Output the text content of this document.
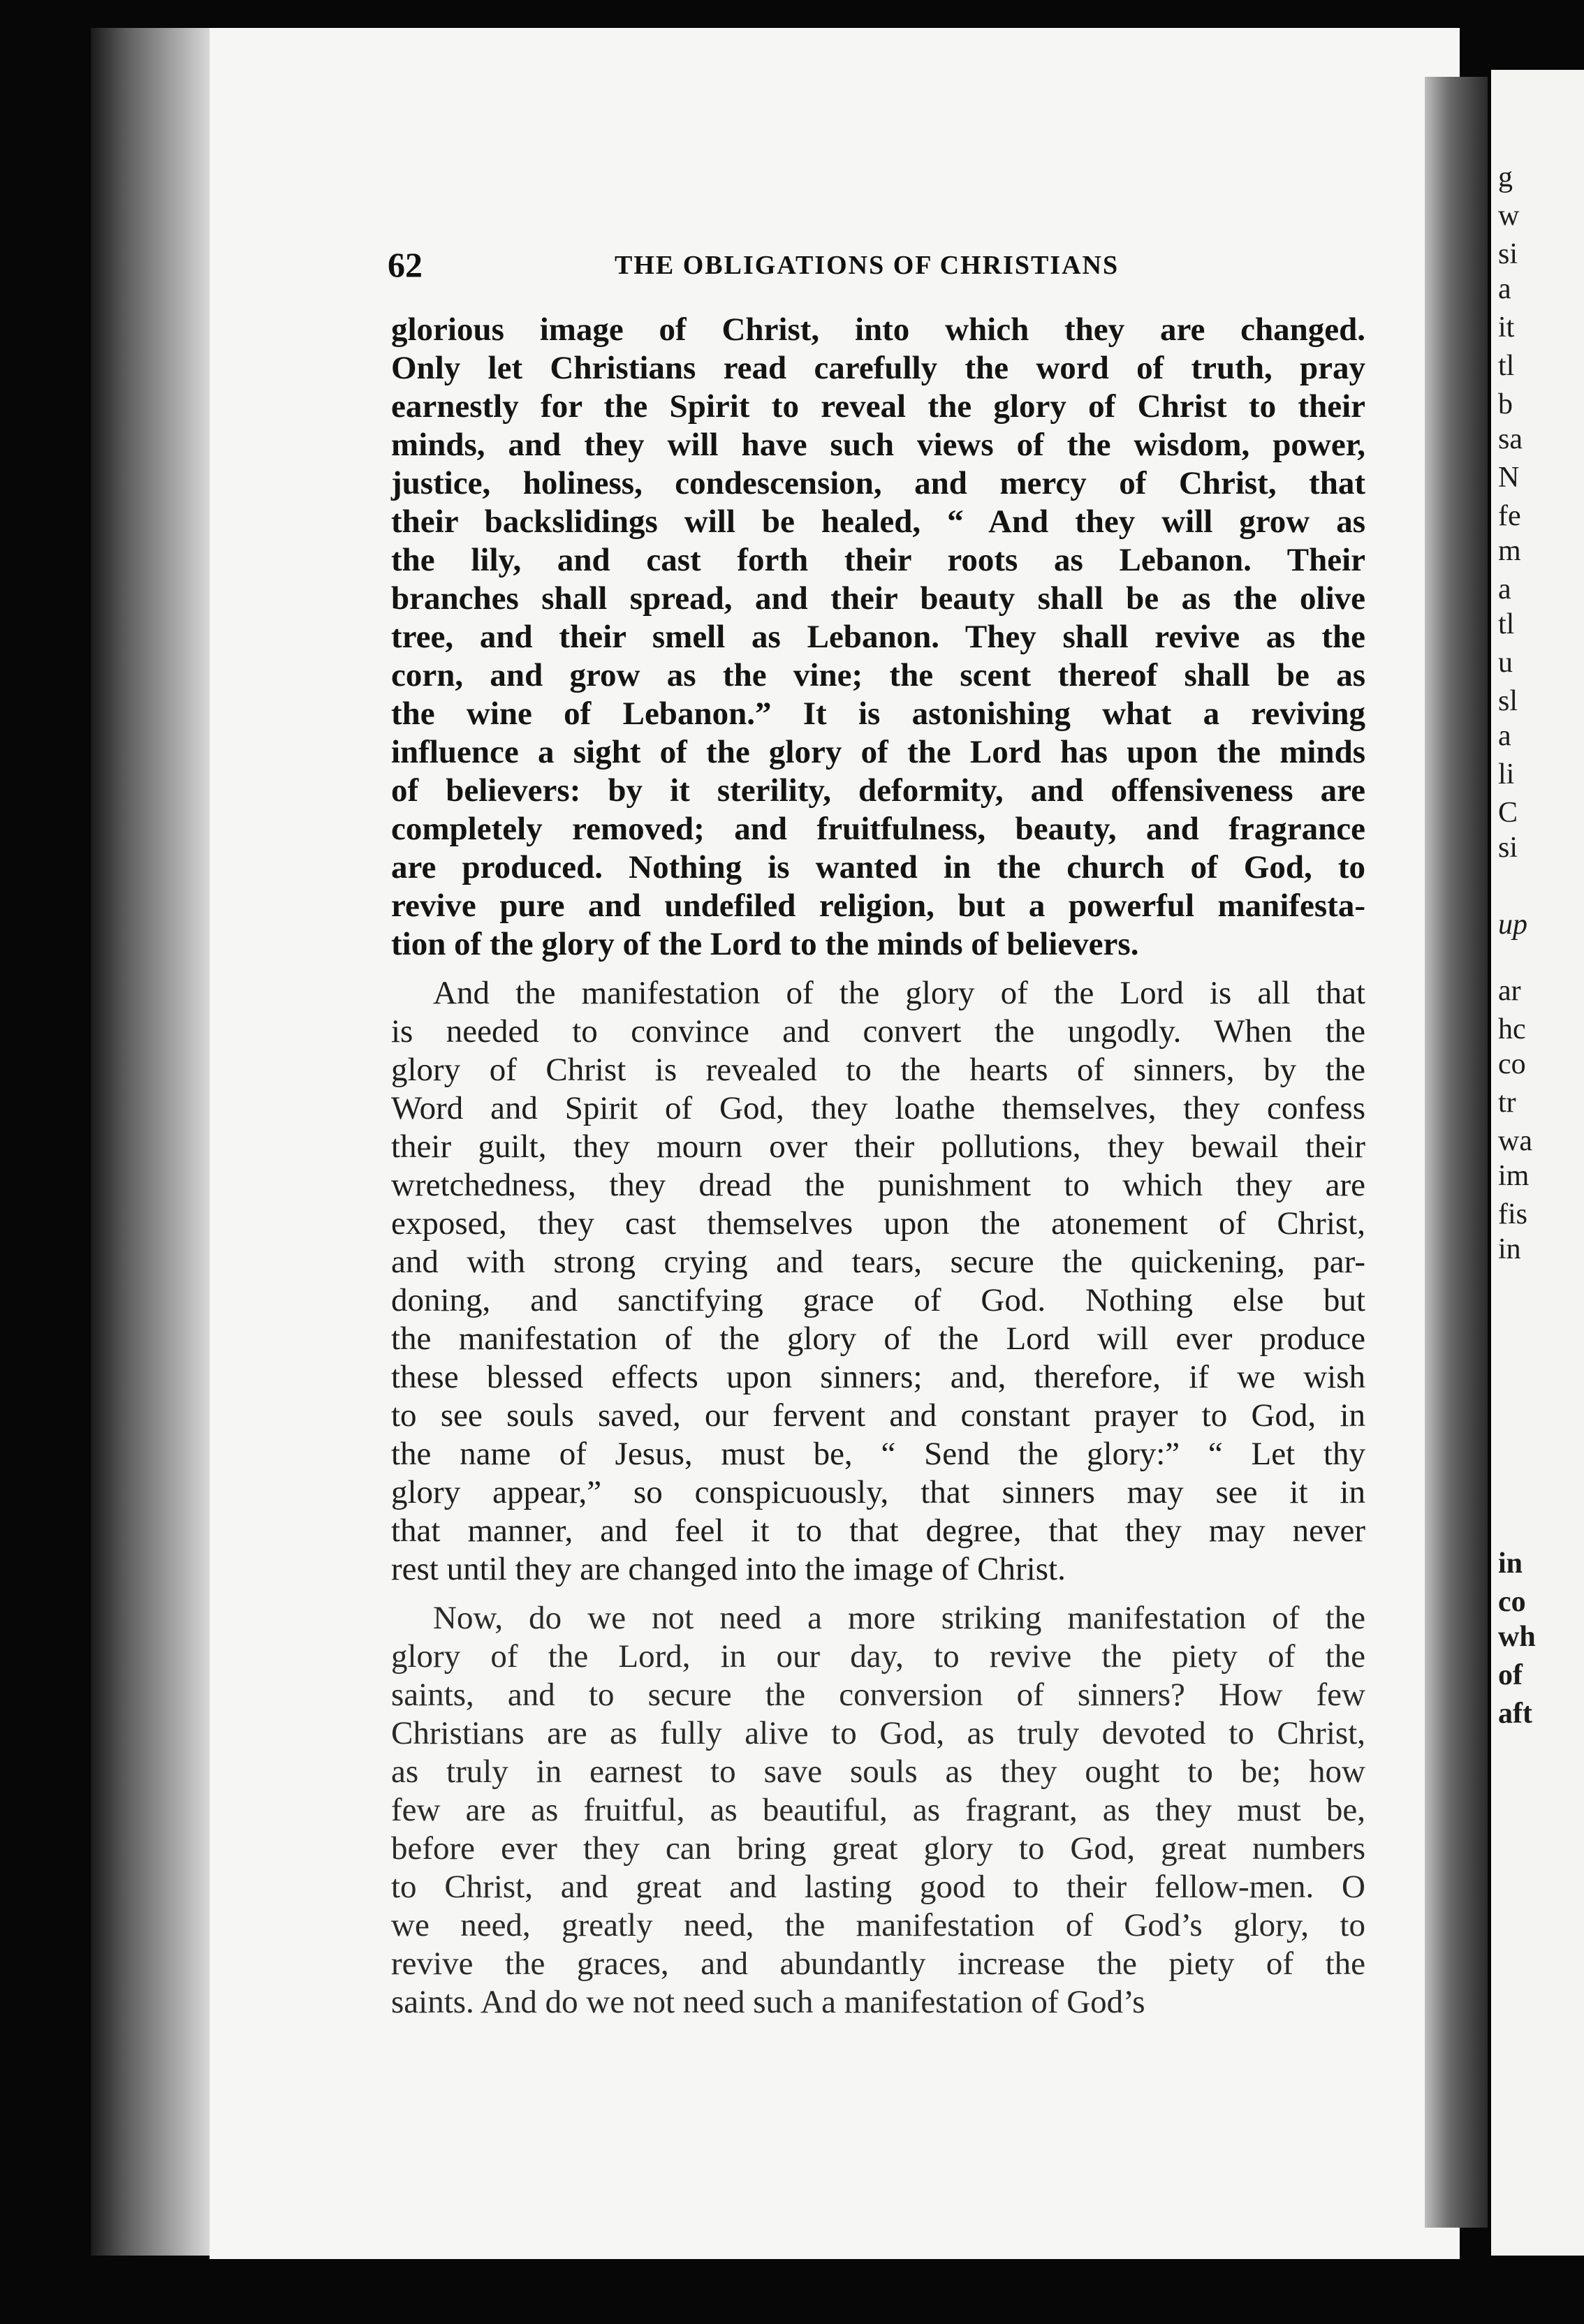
g
w
si
a
it
tl
b
sa
N
fe
m
a
tl
u
sl
a
li
C
si
up
ar
hc
co
tr
wa
im
fis
in
in
co
wh
of
aft
62	THE OBLIGATIONS OF CHRISTIANS

glorious image of Christ, into which they are changed.
Only let Christians read carefully the word of truth, pray
earnestly for the Spirit to reveal the glory of Christ to their
minds, and they will have such views of the wisdom, power,
justice, holiness, condescension, and mercy of Christ, that
their backslidings will be healed, “ And they will grow as
the lily, and cast forth their roots as Lebanon. Their
branches shall spread, and their beauty shall be as the olive
tree, and their smell as Lebanon. They shall revive as the
corn, and grow as the vine; the scent thereof shall be as
the wine of Lebanon.” It is astonishing what a reviving
influence a sight of the glory of the Lord has upon the minds
of believers: by it sterility, deformity, and offensiveness are
completely removed; and fruitfulness, beauty, and fragrance
are produced. Nothing is wanted in the church of God, to
revive pure and undefiled religion, but a powerful manifesta-
tion of the glory of the Lord to the minds of believers.

And the manifestation of the glory of the Lord is all that
is needed to convince and convert the ungodly. When the
glory of Christ is revealed to the hearts of sinners, by the
Word and Spirit of God, they loathe themselves, they confess
their guilt, they mourn over their pollutions, they bewail their
wretchedness, they dread the punishment to which they are
exposed, they cast themselves upon the atonement of Christ,
and with strong crying and tears, secure the quickening, par-
doning, and sanctifying grace of God. Nothing else but
the manifestation of the glory of the Lord will ever produce
these blessed effects upon sinners; and, therefore, if we wish
to see souls saved, our fervent and constant prayer to God, in
the name of Jesus, must be, “ Send the glory:” “ Let thy
glory appear,” so conspicuously, that sinners may see it in
that manner, and feel it to that degree, that they may never
rest until they are changed into the image of Christ.

Now, do we not need a more striking manifestation of the
glory of the Lord, in our day, to revive the piety of the
saints, and to secure the conversion of sinners? How few
Christians are as fully alive to God, as truly devoted to Christ,
as truly in earnest to save souls as they ought to be; how
few are as fruitful, as beautiful, as fragrant, as they must be,
before ever they can bring great glory to God, great numbers
to Christ, and great and lasting good to their fellow-men. O
we need, greatly need, the manifestation of God’s glory, to
revive the graces, and abundantly increase the piety of the
saints. And do we not need such a manifestation of God’s
